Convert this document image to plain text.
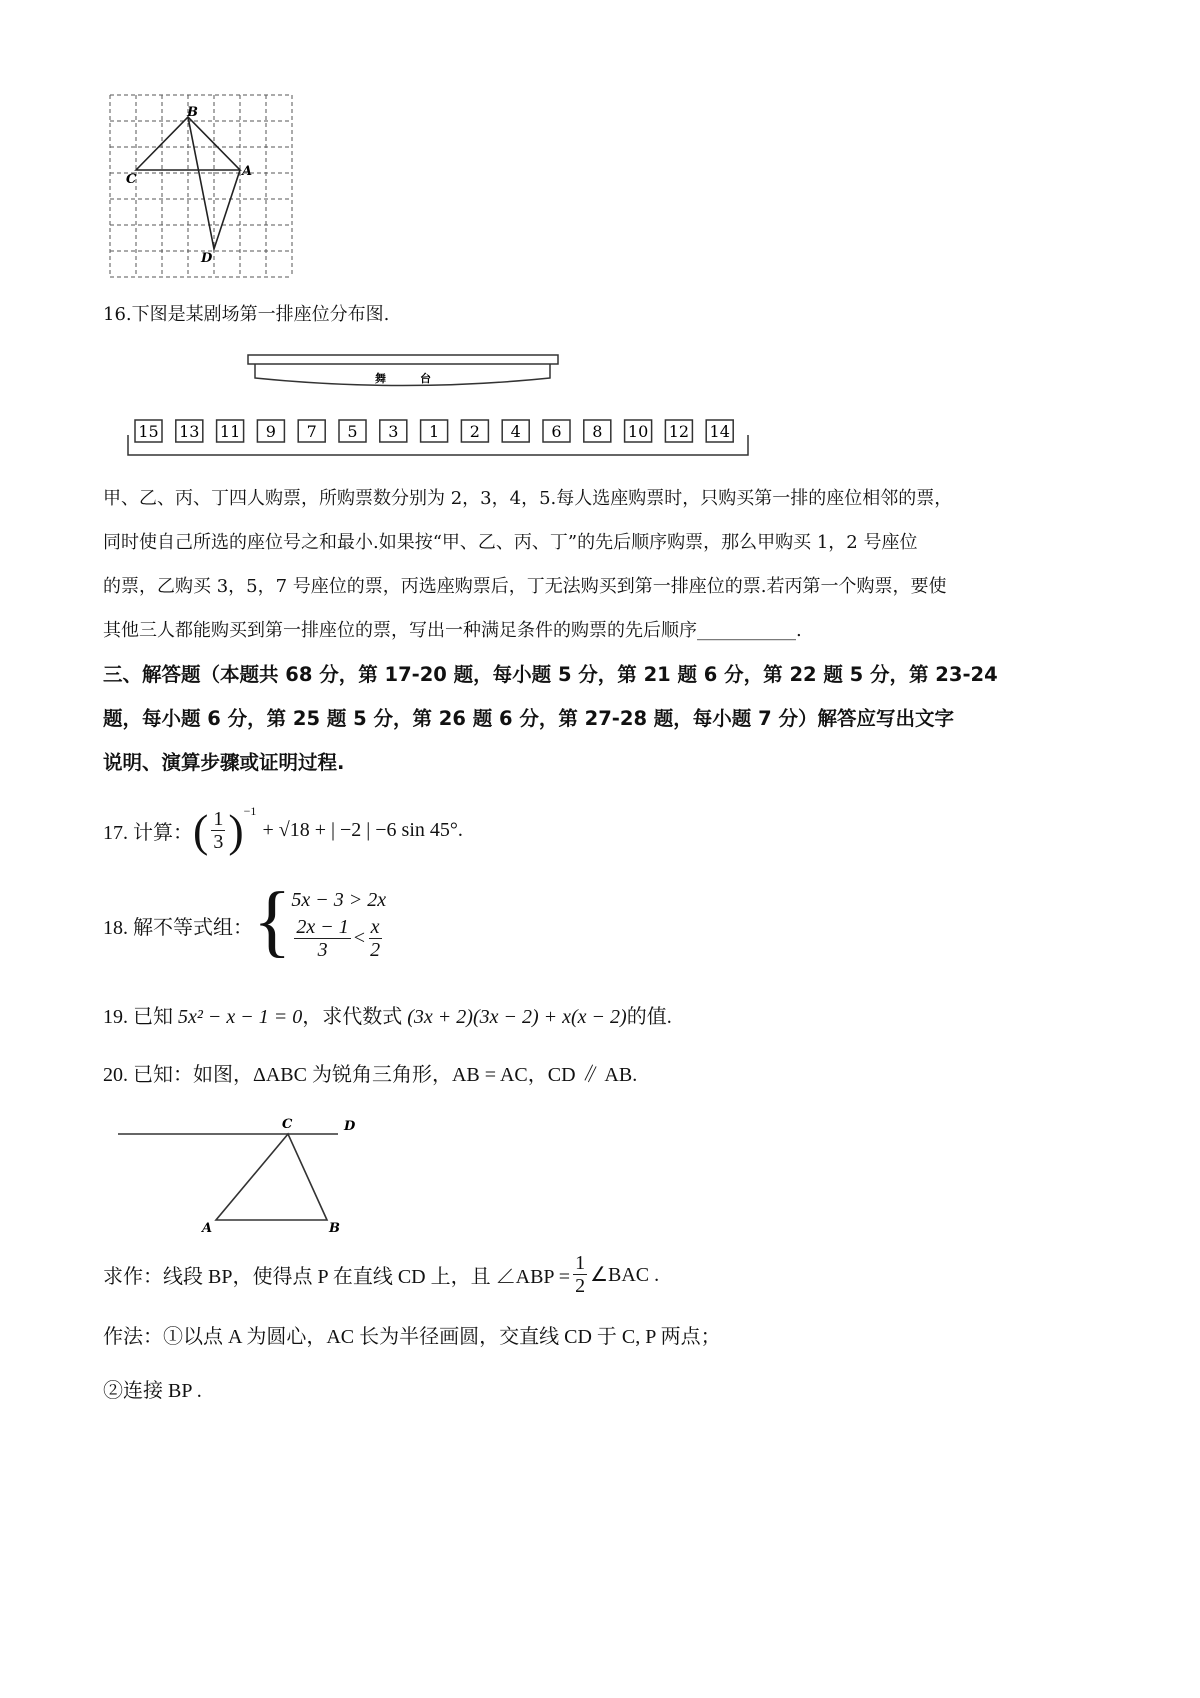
B
C
A
D
16.下图是某剧场第一排座位分布图.
舞	台
15 13 11 9 7 5 3 1 2 4 6 8 10 12 14
甲、乙、丙、丁四人购票，所购票数分别为 2，3，4，5.每人选座购票时，只购买第一排的座位相邻的票，
同时使自己所选的座位号之和最小.如果按“甲、乙、丙、丁”的先后顺序购票，那么甲购买 1，2 号座位
的票，乙购买 3，5，7 号座位的票，丙选座购票后，丁无法购买到第一排座位的票.若丙第一个购票，要使
其他三人都能购买到第一排座位的票，写出一种满足条件的购票的先后顺序___________.
三、解答题（本题共 68 分，第 17-20 题，每小题 5 分，第 21 题 6 分，第 22 题 5 分，第 23-24
题，每小题 6 分，第 25 题 5 分，第 26 题 6 分，第 27-28 题，每小题 7 分）解答应写出文字
说明、演算步骤或证明过程.
17. 计算： ( $\frac{1}{3} )^{-1}$
+ √18 + | −2 | −6 sin 45° .
18. 解不等式组： { 5x − 3 > 2x
$\frac{2x - 1}{3} < \frac{x}{2}$
19. 已知 5x² − x − 1 = 0，求代数式 (3x + 2)(3x − 2) + x(x − 2)的值.
20. 已知：如图，ΔABC 为锐角三角形，AB = AC，CD ∥ AB.
C	D
A	B
求作：线段 BP，使得点 P 在直线 CD 上，且 ∠ABP = $\frac{1}{2}$ ∠BAC .
作法：①以点 A 为圆心，AC 长为半径画圆，交直线 CD 于 C, P 两点；
②连接 BP .
